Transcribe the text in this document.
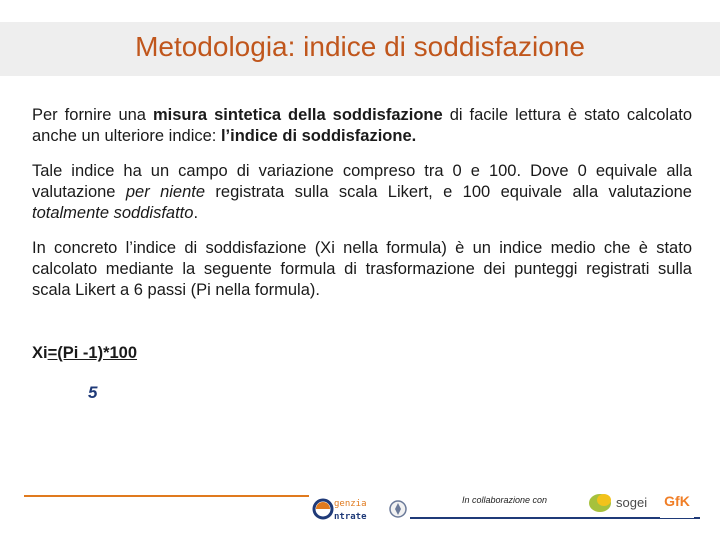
Metodologia: indice di soddisfazione

Per fornire una misura sintetica della soddisfazione di facile lettura è stato calcolato anche un ulteriore indice: l’indice di soddisfazione.

Tale indice ha un campo di variazione compreso tra 0 e 100. Dove 0 equivale alla valutazione per niente registrata sulla scala Likert, e 100 equivale alla valutazione totalmente soddisfatto.

In concreto l’indice di soddisfazione (Xi nella formula) è un indice medio che è stato calcolato mediante la seguente formula di trasformazione dei punteggi registrati sulla scala Likert a 6 passi (Pi nella formula).

Xi=(Pi -1)*100
5
genzia
ntrate
In collaborazione con	sogei GfK
